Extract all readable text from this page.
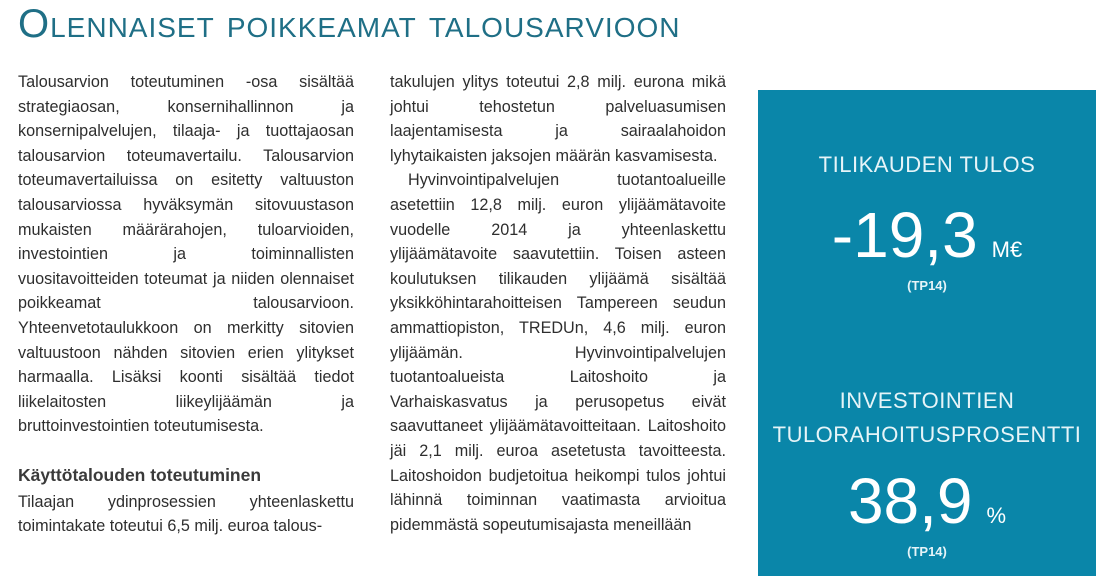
Olennaiset poikkeamat talousarvioon

Talousarvion toteutuminen -osa sisältää strategiaosan, konsernihallinnon ja konsernipalvelujen, tilaaja- ja tuottajaosan talousarvion toteumavertailu. Talousarvion toteumavertailuissa on esitetty valtuuston talousarviossa hyväksymän sitovuustason mukaisten määrärahojen, tuloarvioiden, investointien ja toiminnallisten vuositavoitteiden toteumat ja niiden olennaiset poikkeamat talousarvioon. Yhteenvetotaulukkoon on merkitty sitovien valtuustoon nähden sitovien erien ylitykset harmaalla. Lisäksi koonti sisältää tiedot liikelaitosten liikeylijäämän ja bruttoinvestointien toteutumisesta.

Käyttötalouden toteutuminen

Tilaajan ydinprosessien yhteenlaskettu toimintakate toteutui 6,5 milj. euroa talous-

takulujen ylitys toteutui 2,8 milj. eurona mikä johtui tehostetun palveluasumisen laajentamisesta ja sairaalahoidon lyhytaikaisten jaksojen määrän kasvamisesta.

Hyvinvointipalvelujen tuotantoalueille asetettiin 12,8 milj. euron ylijäämätavoite vuodelle 2014 ja yhteenlaskettu ylijäämätavoite saavutettiin. Toisen asteen koulutuksen tilikauden ylijäämä sisältää yksikköhintarahoitteisen Tampereen seudun ammattiopiston, TREDUn, 4,6 milj. euron ylijäämän. Hyvinvointipalvelujen tuotantoalueista Laitoshoito ja Varhaiskasvatus ja perusopetus eivät saavuttaneet ylijäämätavoitteitaan. Laitoshoito jäi 2,1 milj. euroa asetetusta tavoitteesta. Laitoshoidon budjetoitua heikompi tulos johtui lähinnä toiminnan vaatimasta arvioitua pidemmästä sopeutumisajasta meneillään

TILIKAUDEN TULOS
-19,3 M€
(TP14)
INVESTOINTIEN
TULORAHOITUSPROSENTTI
38,9 %
(TP14)
